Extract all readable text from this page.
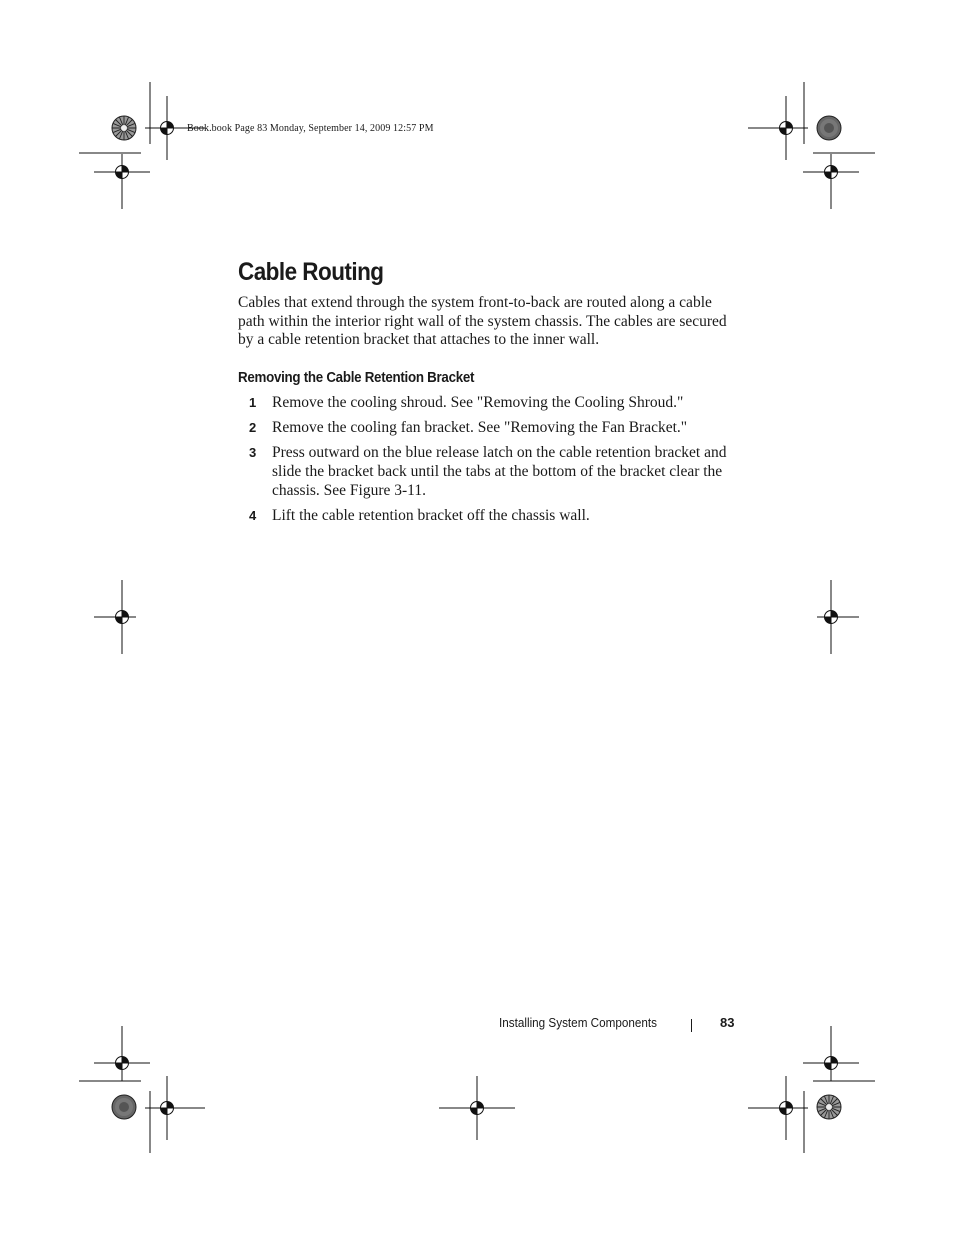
Book.book Page 83 Monday, September 14, 2009 12:57 PM
Cable Routing

Cables that extend through the system front-to-back are routed along a cable path within the interior right wall of the system chassis. The cables are secured by a cable retention bracket that attaches to the inner wall.

Removing the Cable Retention Bracket
1 Remove the cooling shroud. See "Removing the Cooling Shroud."
2 Remove the cooling fan bracket. See "Removing the Fan Bracket."
3 Press outward on the blue release latch on the cable retention bracket and slide the bracket back until the tabs at the bottom of the bracket clear the chassis. See Figure 3-11.
4 Lift the cable retention bracket off the chassis wall.
Installing System Components	83
